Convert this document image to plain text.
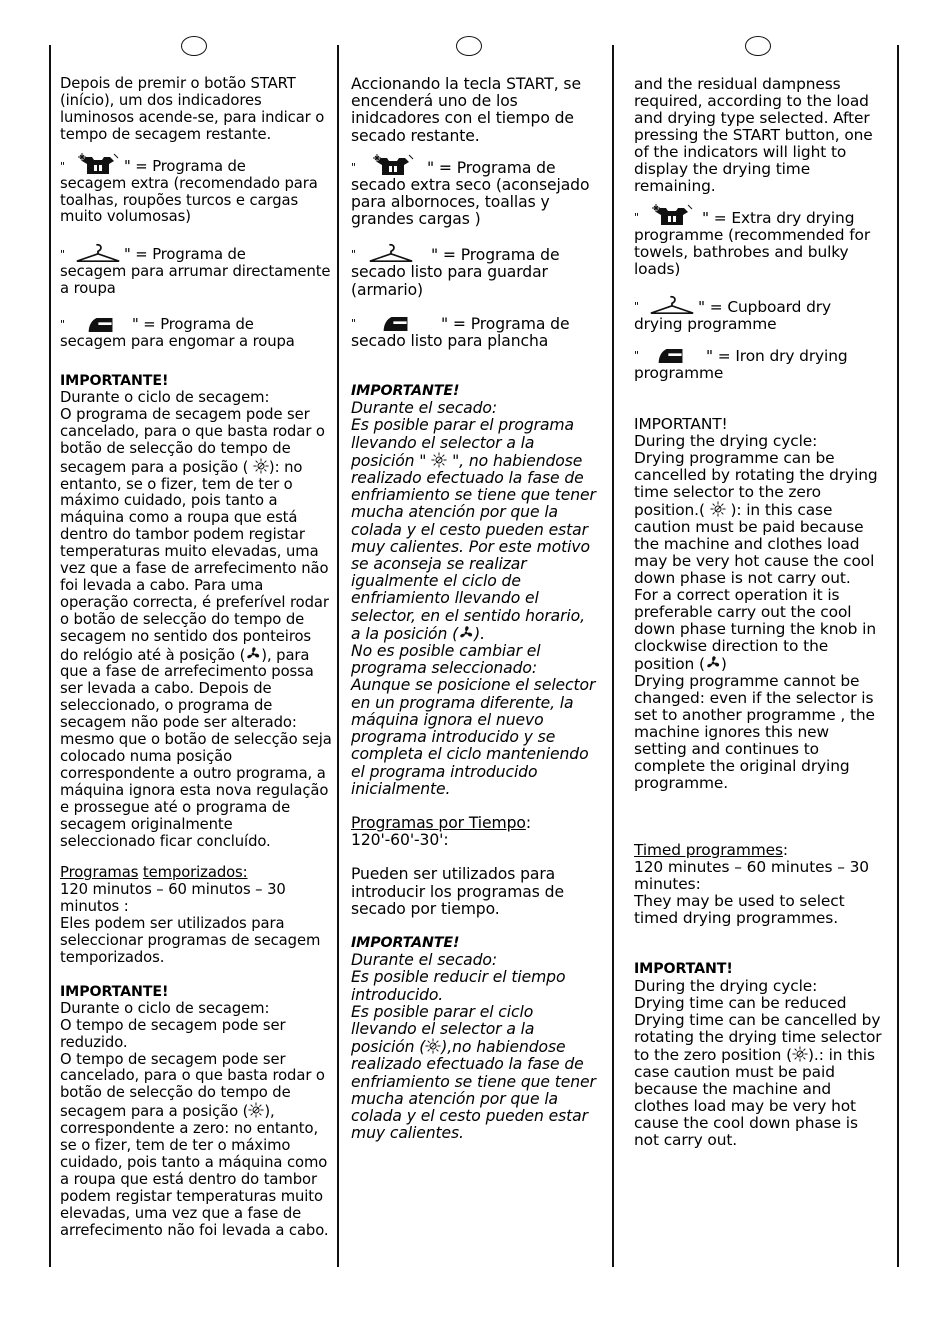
Depois de premir o botão START (início), um dos indicadores luminosos acende-se, para indicar o tempo de secagem restante.

"	" = Programa de

secagem extra (recomendado para toalhas, roupões turcos e cargas muito volumosas)

"	" = Programa de

secagem para arrumar directamente a roupa

"	" = Programa de

secagem para engomar a roupa

IMPORTANTE!

Durante o ciclo de secagem:

O programa de secagem pode ser cancelado, para o que basta rodar o botão de selecção do tempo de secagem para a posição ( ): no entanto, se o fizer, tem de ter o máximo cuidado, pois tanto a máquina como a roupa que está dentro do tambor podem registar temperaturas muito elevadas, uma vez que a fase de arrefecimento não foi levada a cabo. Para uma operação correcta, é preferível rodar o botão de selecção do tempo de secagem no sentido dos ponteiros do relógio até à posição ( ), para que a fase de arrefecimento possa ser levada a cabo. Depois de seleccionado, o programa de secagem não pode ser alterado: mesmo que o botão de selecção seja colocado numa posição correspondente a outro programa, a máquina ignora esta nova regulação e prossegue até o programa de secagem originalmente seleccionado ficar concluído.

Programas temporizados:

120 minutos – 60 minutos – 30 minutos :

Eles podem ser utilizados para seleccionar programas de secagem temporizados.

IMPORTANTE!

Durante o ciclo de secagem:

O tempo de secagem pode ser reduzido.

O tempo de secagem pode ser cancelado, para o que basta rodar o botão de selecção do tempo de secagem para a posição ( ), correspondente a zero: no entanto, se o fizer, tem de ter o máximo cuidado, pois tanto a máquina como a roupa que está dentro do tambor podem registar temperaturas muito elevadas, uma vez que a fase de arrefecimento não foi levada a cabo.

Accionando la tecla START, se encenderá uno de los inidcadores con el tiempo de secado restante.

"	" = Programa de

secado extra seco (aconsejado para albornoces, toallas y grandes cargas )

"	" = Programa de

secado listo para guardar (armario)

"	" = Programa de

secado listo para plancha

IMPORTANTE!

Durante el secado:

Es posible parar el programa llevando el selector a la posición " ", no habiendose realizado efectuado la fase de enfriamiento se tiene que tener mucha atención por que la colada y el cesto pueden estar muy calientes. Por este motivo se aconseja se realizar igualmente el ciclo de enfriamiento llevando el selector, en el sentido horario, a la posición ( ).

No es posible cambiar el programa seleccionado: Aunque se posicione el selector en un programa diferente, la máquina ignora el nuevo programa introducido y se completa el ciclo manteniendo el programa introducido inicialmente.

Programas por Tiempo:

120'-60'-30':

Pueden ser utilizados para introducir los programas de secado por tiempo.

IMPORTANTE!

Durante el secado:

Es posible reducir el tiempo introducido.

Es posible parar el ciclo llevando el selector a la posición ( ),no habiendose realizado efectuado la fase de enfriamiento se tiene que tener mucha atención por que la colada y el cesto pueden estar muy calientes.

and the residual dampness required, according to the load and drying type selected. After pressing the START button, one of the indicators will light to display the drying time remaining.

"	" = Extra dry drying

programme (recommended for towels, bathrobes and bulky loads)

"	" = Cupboard dry

drying programme

"	" = Iron dry drying

programme

IMPORTANT!

During the drying cycle:

Drying programme can be cancelled by rotating the drying time selector to the zero position.( ): in this case caution must be paid because the machine and clothes load may be very hot cause the cool down phase is not carry out.

For a correct operation it is preferable carry out the cool down phase turning the knob in clockwise direction to the position ( )

Drying programme cannot be changed: even if the selector is set to another programme , the machine ignores this new setting and continues to complete the original drying programme.

Timed programmes:

120 minutes – 60 minutes – 30 minutes:

They may be used to select timed drying programmes.

IMPORTANT!

During the drying cycle:

Drying time can be reduced

Drying time can be cancelled by rotating the drying time selector to the zero position ( ).: in this case caution must be paid because the machine and clothes load may be very hot cause the cool down phase is not carry out.
